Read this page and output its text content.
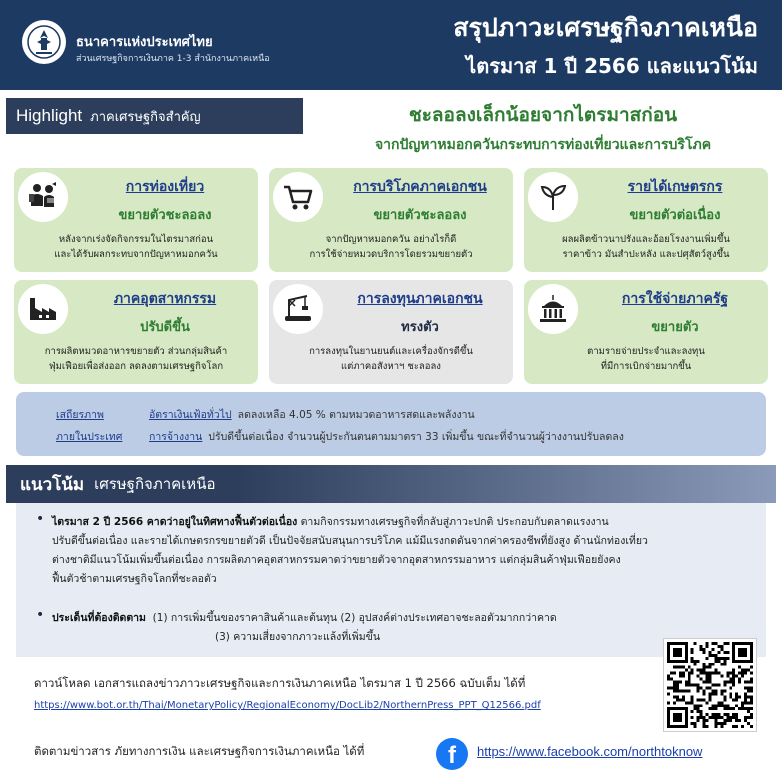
ธนาคารแห่งประเทศไทย
ส่วนเศรษฐกิจการเงินภาค 1-3 สำนักงานภาคเหนือ
สรุปภาวะเศรษฐกิจภาคเหนือ
ไตรมาส 1 ปี 2566 และแนวโน้ม
Highlight ภาคเศรษฐกิจสำคัญ	ชะลอลงเล็กน้อยจากไตรมาสก่อน
จากปัญหาหมอกควันกระทบการท่องเที่ยวและการบริโภค
การท่องเที่ยว
ขยายตัวชะลอลง
หลังจากเร่งจัดกิจกรรมในไตรมาสก่อน
และได้รับผลกระทบจากปัญหาหมอกควัน
การบริโภคภาคเอกชน
ขยายตัวชะลอลง
จากปัญหาหมอกควัน อย่างไรก็ดี
การใช้จ่ายหมวดบริการโดยรวมขยายตัว
รายได้เกษตรกร
ขยายตัวต่อเนื่อง
ผลผลิตข้าวนาปรังและอ้อยโรงงานเพิ่มขึ้น
ราคาข้าว มันสำปะหลัง และปศุสัตว์สูงขึ้น
ภาคอุตสาหกรรม
ปรับดีขึ้น
การผลิตหมวดอาหารขยายตัว ส่วนกลุ่มสินค้า
ฟุ่มเฟือยเพื่อส่งออก ลดลงตามเศรษฐกิจโลก
การลงทุนภาคเอกชน
ทรงตัว
การลงทุนในยานยนต์และเครื่องจักรดีขึ้น
แต่ภาคอสังหาฯ ชะลอลง
การใช้จ่ายภาครัฐ
ขยายตัว
ตามรายจ่ายประจำและลงทุน
ที่มีการเบิกจ่ายมากขึ้น
เสถียรภาพ	อัตราเงินเฟ้อทั่วไป ลดลงเหลือ 4.05 % ตามหมวดอาหารสดและพลังงาน
ภายในประเทศ	การจ้างงาน ปรับดีขึ้นต่อเนื่อง จำนวนผู้ประกันตนตามมาตรา 33 เพิ่มขึ้น ขณะที่จำนวนผู้ว่างงานปรับลดลง
แนวโน้ม เศรษฐกิจภาคเหนือ
• ไตรมาส 2 ปี 2566 คาดว่าอยู่ในทิศทางฟื้นตัวต่อเนื่อง ตามกิจกรรมทางเศรษฐกิจที่กลับสู่ภาวะปกติ ประกอบกับตลาดแรงงาน
ปรับดีขึ้นต่อเนื่อง และรายได้เกษตรกรขยายตัวดี เป็นปัจจัยสนับสนุนการบริโภค แม้มีแรงกดดันจากค่าครองชีพที่ยังสูง ด้านนักท่องเที่ยว
ต่างชาติมีแนวโน้มเพิ่มขึ้นต่อเนื่อง การผลิตภาคอุตสาหกรรมคาดว่าขยายตัวจากอุตสาหกรรมอาหาร แต่กลุ่มสินค้าฟุ่มเฟือยยังคง
ฟื้นตัวช้าตามเศรษฐกิจโลกที่ชะลอตัว
• ประเด็นที่ต้องติดตาม (1) การเพิ่มขึ้นของราคาสินค้าและต้นทุน (2) อุปสงค์ต่างประเทศอาจชะลอตัวมากกว่าคาด
(3) ความเสี่ยงจากภาวะแล้งที่เพิ่มขึ้น
ดาวน์โหลด เอกสารแถลงข่าวภาวะเศรษฐกิจและการเงินภาคเหนือ ไตรมาส 1 ปี 2566 ฉบับเต็ม ได้ที่
https://www.bot.or.th/Thai/MonetaryPolicy/RegionalEconomy/DocLib2/NorthernPress_PPT_Q12566.pdf
ติดตามข่าวสาร ภัยทางการเงิน และเศรษฐกิจการเงินภาคเหนือ ได้ที่	f	https://www.facebook.com/northtoknow
